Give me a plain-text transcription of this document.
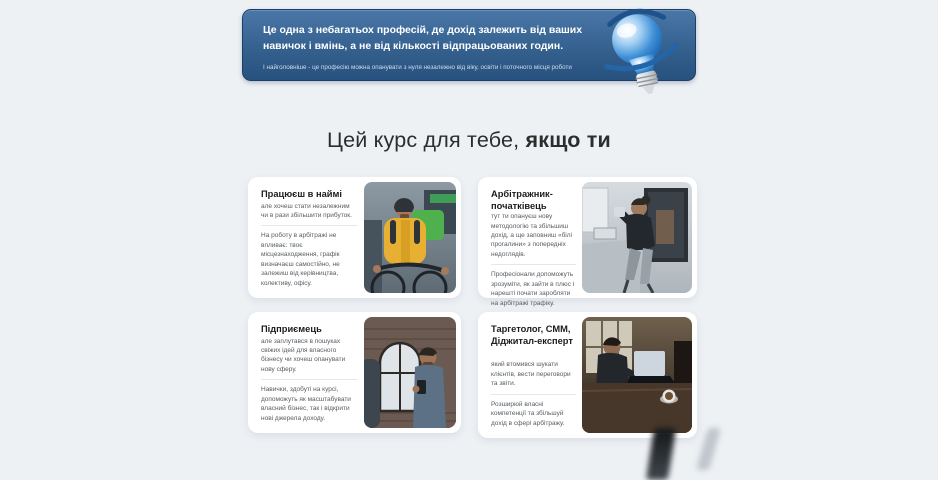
Це одна з небагатьох професій, де дохід залежить від ваших навичок і вмінь, а не від кількості відпрацьованих годин.
І найголовніше - це професію можна опанувати з нуля незалежно від віку, освіти і поточного місця роботи
Цей курс для тебе, якщо ти
Працюєш в наймі

але хочеш стати незалежним чи в рази збільшити прибуток.

На роботу в арбітражі не впливає: твоє місцезнаходження, графік визначаєш самостійно, не залежиш від керівництва, колективу, офісу.

Арбітражник-початківець

тут ти опануєш нову методологію та збільшиш дохід, а ще заповниш «білі прогалини» з попередніх недоглядів.

Професіонали допоможуть зрозуміти, як зайти в плюс і нарешті почати заробляти на арбітражі трафіку.

Підприємець

але заплутався в пошуках свіжих ідей для власного бізнесу чи хочеш опанувати нову сферу.

Навички, здобуті на курсі, допоможуть як масштабувати власний бізнес, так і відкрити нові джерела доходу.

Таргетолог, СММ, Діджитал-експерт

який втомився шукати клієнтів, вести переговори та звіти.

Розширюй власні компетенції та збільшуй дохід в сфері арбітражу.
